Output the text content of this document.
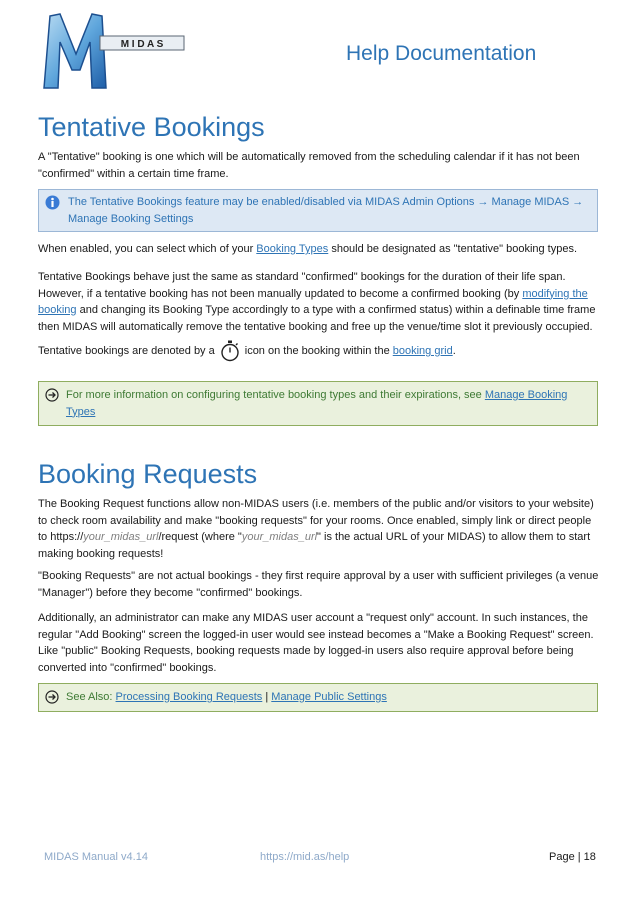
M I D A S	Help Documentation
Tentative Bookings

A "Tentative" booking is one which will be automatically removed from the scheduling calendar if it has not been "confirmed" within a certain time frame.

The Tentative Bookings feature may be enabled/disabled via MIDAS Admin Options → Manage MIDAS → Manage Booking Settings

When enabled, you can select which of your Booking Types should be designated as "tentative" booking types.

Tentative Bookings behave just the same as standard "confirmed" bookings for the duration of their life span. However, if a tentative booking has not been manually updated to become a confirmed booking (by modifying the booking and changing its Booking Type accordingly to a type with a confirmed status) within a definable time frame then MIDAS will automatically remove the tentative booking and free up the venue/time slot it previously occupied.

Tentative bookings are denoted by a	icon on the booking within the booking grid.

For more information on configuring tentative booking types and their expirations, see Manage Booking Types
Booking Requests

The Booking Request functions allow non-MIDAS users (i.e. members of the public and/or visitors to your website) to check room availability and make "booking requests" for your rooms. Once enabled, simply link or direct people to https://your_midas_url/request (where "your_midas_url" is the actual URL of your MIDAS) to allow them to start making booking requests!

"Booking Requests" are not actual bookings - they first require approval by a user with sufficient privileges (a venue "Manager") before they become "confirmed" bookings.

Additionally, an administrator can make any MIDAS user account a "request only" account. In such instances, the regular "Add Booking" screen the logged-in user would see instead becomes a "Make a Booking Request" screen. Like "public" Booking Requests, booking requests made by logged-in users also require approval before being converted into "confirmed" bookings.

See Also: Processing Booking Requests | Manage Public Settings
MIDAS Manual v4.14	https://mid.as/help	Page | 18
